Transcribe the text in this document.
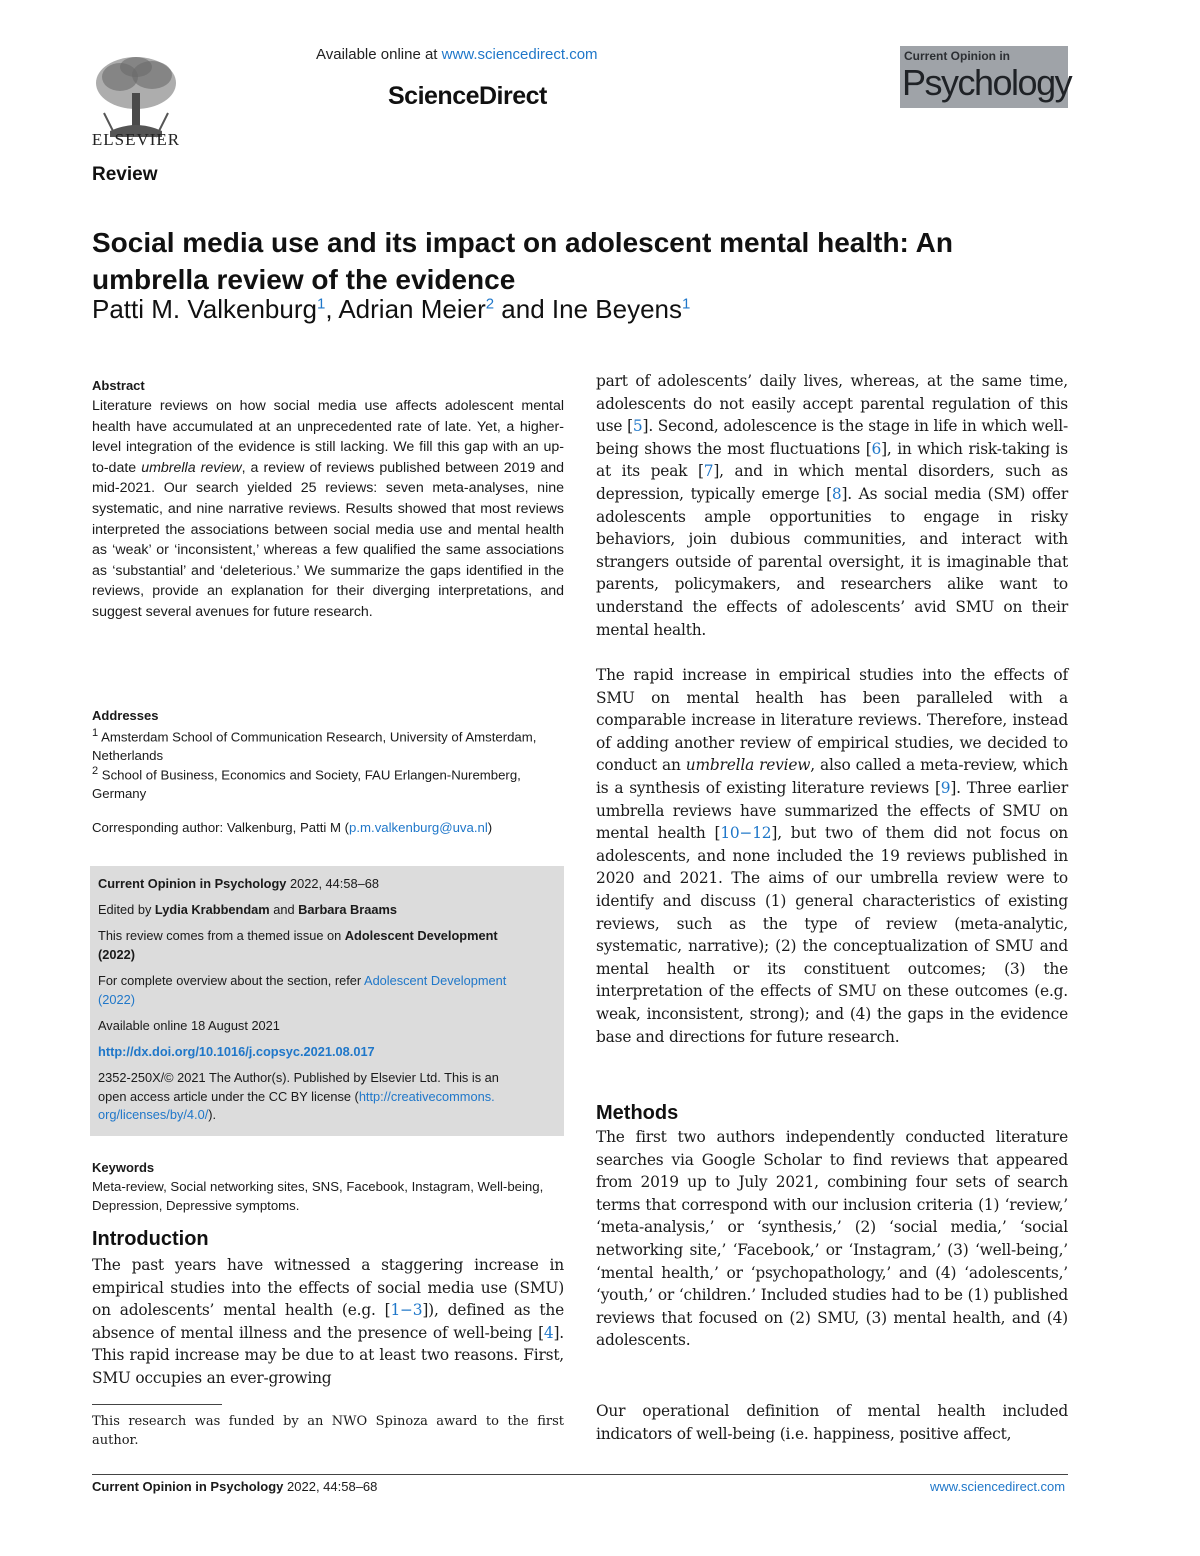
ELSEVIER
Available online at www.sciencedirect.com
ScienceDirect
Current Opinion in
Psychology
Review
Social media use and its impact on adolescent mental health: An umbrella review of the evidence
Patti M. Valkenburg$^1$, Adrian Meier$^2$ and Ine Beyens$^1$
Abstract
Literature reviews on how social media use affects adolescent mental health have accumulated at an unprecedented rate of late. Yet, a higher-level integration of the evidence is still lacking. We fill this gap with an up-to-date umbrella review, a review of reviews published between 2019 and mid-2021. Our search yielded 25 reviews: seven meta-analyses, nine systematic, and nine narrative reviews. Results showed that most reviews interpreted the associations between social media use and mental health as ‘weak’ or ‘inconsistent,’ whereas a few qualified the same associations as ‘substantial’ and ‘deleterious.’ We summarize the gaps identified in the reviews, provide an explanation for their diverging interpretations, and suggest several avenues for future research.
Addresses
$^1$ Amsterdam School of Communication Research, University of Amsterdam, Netherlands
$^2$ School of Business, Economics and Society, FAU Erlangen-Nuremberg, Germany
Corresponding author: Valkenburg, Patti M (p.m.valkenburg@uva.nl)
Current Opinion in Psychology 2022, 44:58–68
Edited by Lydia Krabbendam and Barbara Braams
This review comes from a themed issue on Adolescent Development
(2022)
For complete overview about the section, refer Adolescent Development
(2022)
Available online 18 August 2021
http://dx.doi.org/10.1016/j.copsyc.2021.08.017
2352-250X/© 2021 The Author(s). Published by Elsevier Ltd. This is an
open access article under the CC BY license (http://creativecommons.
org/licenses/by/4.0/).
Keywords
Meta-review, Social networking sites, SNS, Facebook, Instagram, Well-being, Depression, Depressive symptoms.
Introduction
The past years have witnessed a staggering increase in empirical studies into the effects of social media use (SMU) on adolescents’ mental health (e.g. [1−3]), defined as the absence of mental illness and the presence of well-being [4]. This rapid increase may be due to at least two reasons. First, SMU occupies an ever-growing
This research was funded by an NWO Spinoza award to the first author.
part of adolescents’ daily lives, whereas, at the same time, adolescents do not easily accept parental regulation of this use [5]. Second, adolescence is the stage in life in which well-being shows the most fluctuations [6], in which risk-taking is at its peak [7], and in which mental disorders, such as depression, typically emerge [8]. As social media (SM) offer adolescents ample opportunities to engage in risky behaviors, join dubious communities, and interact with strangers outside of parental oversight, it is imaginable that parents, policymakers, and researchers alike want to understand the effects of adolescents’ avid SMU on their mental health.
The rapid increase in empirical studies into the effects of SMU on mental health has been paralleled with a comparable increase in literature reviews. Therefore, instead of adding another review of empirical studies, we decided to conduct an umbrella review, also called a meta-review, which is a synthesis of existing literature reviews [9]. Three earlier umbrella reviews have summarized the effects of SMU on mental health [10−12], but two of them did not focus on adolescents, and none included the 19 reviews published in 2020 and 2021. The aims of our umbrella review were to identify and discuss (1) general characteristics of existing reviews, such as the type of review (meta-analytic, systematic, narrative); (2) the conceptualization of SMU and mental health or its constituent outcomes; (3) the interpretation of the effects of SMU on these outcomes (e.g. weak, inconsistent, strong); and (4) the gaps in the evidence base and directions for future research.
Methods
The first two authors independently conducted literature searches via Google Scholar to find reviews that appeared from 2019 up to July 2021, combining four sets of search terms that correspond with our inclusion criteria (1) ‘review,’ ‘meta-analysis,’ or ‘synthesis,’ (2) ‘social media,’ ‘social networking site,’ ‘Facebook,’ or ‘Instagram,’ (3) ‘well-being,’ ‘mental health,’ or ‘psychopathology,’ and (4) ‘adolescents,’ ‘youth,’ or ‘children.’ Included studies had to be (1) published reviews that focused on (2) SMU, (3) mental health, and (4) adolescents.
Our operational definition of mental health included indicators of well-being (i.e. happiness, positive affect,
Current Opinion in Psychology 2022, 44:58–68	www.sciencedirect.com
